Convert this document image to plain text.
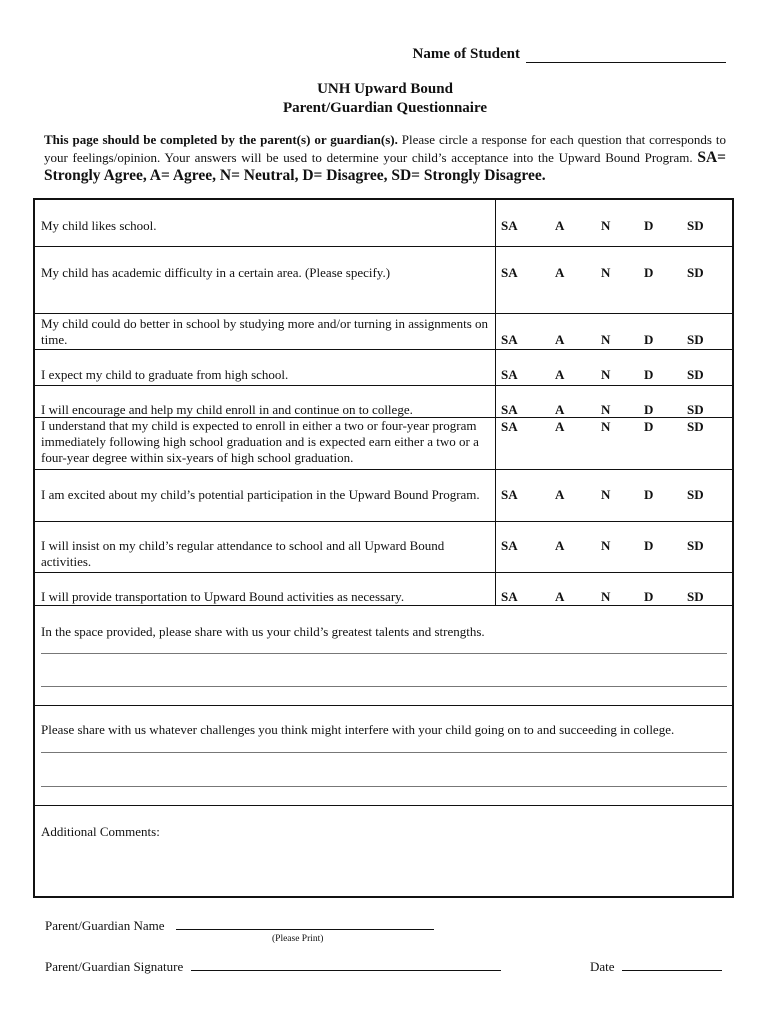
Name of Student
UNH Upward Bound
Parent/Guardian Questionnaire
This page should be completed by the parent(s) or guardian(s). Please circle a response for each question that corresponds to your feelings/opinion. Your answers will be used to determine your child’s acceptance into the Upward Bound Program. SA= Strongly Agree, A= Agree, N= Neutral, D= Disagree, SD= Strongly Disagree.
My child likes school.	SA	A	N	D	SD
My child has academic difficulty in a certain area. (Please specify.)	SA	A	N	D	SD
My child could do better in school by studying more and/or turning in assignments on time.	SA	A	N	D	SD
I expect my child to graduate from high school.	SA	A	N	D	SD
I will encourage and help my child enroll in and continue on to college.	SA	A	N	D	SD
I understand that my child is expected to enroll in either a two or four-year program immediately following high school graduation and is expected earn either a two or a four-year degree within six-years of high school graduation.
SA	A	N	D	SD
I am excited about my child’s potential participation in the Upward Bound Program.	SA	A	N	D	SD
I will insist on my child’s regular attendance to school and all Upward Bound activities.
SA	A	N	D	SD
I will provide transportation to Upward Bound activities as necessary.	SA	A	N	D	SD
In the space provided, please share with us your child’s greatest talents and strengths.
Please share with us whatever challenges you think might interfere with your child going on to and succeeding in college.
Additional Comments:
Parent/Guardian Name
(Please Print)
Parent/Guardian Signature	Date
